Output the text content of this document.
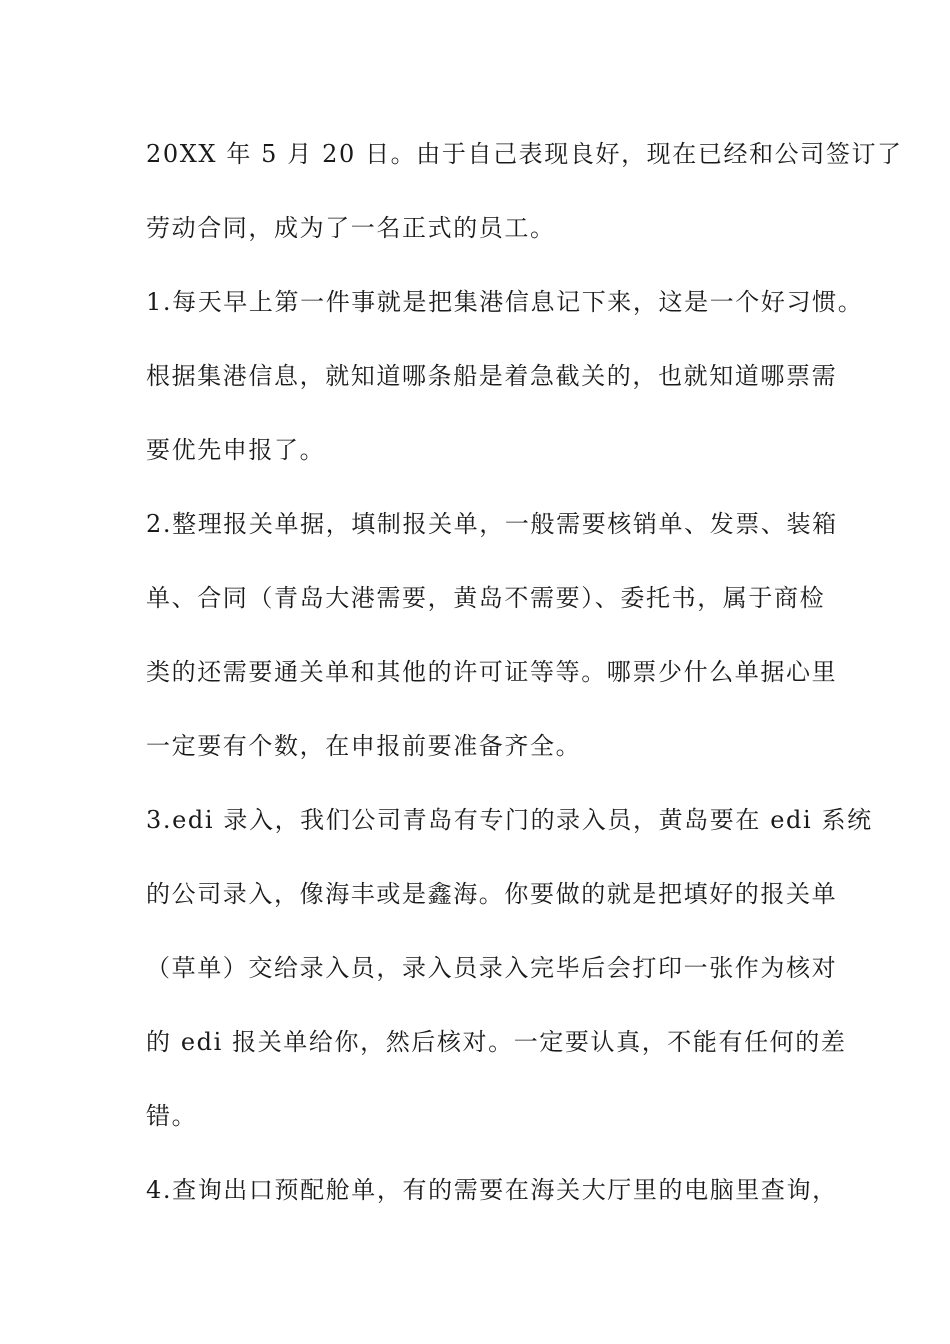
20XX 年 5 月 20 日。由于自己表现良好，现在已经和公司签订了
劳动合同，成为了一名正式的员工。
1.每天早上第一件事就是把集港信息记下来，这是一个好习惯。
根据集港信息，就知道哪条船是着急截关的，也就知道哪票需
要优先申报了。
2.整理报关单据，填制报关单，一般需要核销单、发票、装箱
单、合同（青岛大港需要，黄岛不需要）、委托书，属于商检
类的还需要通关单和其他的许可证等等。哪票少什么单据心里
一定要有个数，在申报前要准备齐全。
3.edi 录入，我们公司青岛有专门的录入员，黄岛要在 edi 系统
的公司录入，像海丰或是鑫海。你要做的就是把填好的报关单
（草单）交给录入员，录入员录入完毕后会打印一张作为核对
的 edi 报关单给你，然后核对。一定要认真，不能有任何的差
错。
4.查询出口预配舱单，有的需要在海关大厅里的电脑里查询，
